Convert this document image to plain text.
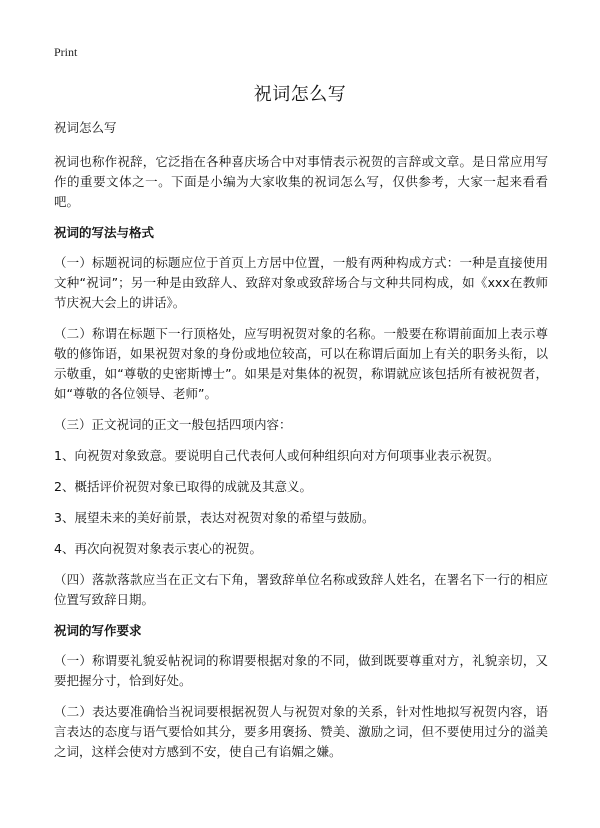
Print
祝词怎么写

祝词怎么写

祝词也称作祝辞，它泛指在各种喜庆场合中对事情表示祝贺的言辞或文章。是日常应用写作的重要文体之一。下面是小编为大家收集的祝词怎么写，仅供参考，大家一起来看看吧。

祝词的写法与格式

（一）标题祝词的标题应位于首页上方居中位置，一般有两种构成方式：一种是直接使用文种“祝词”；另一种是由致辞人、致辞对象或致辞场合与文种共同构成，如《xxx在教师节庆祝大会上的讲话》。

（二）称谓在标题下一行顶格处，应写明祝贺对象的名称。一般要在称谓前面加上表示尊敬的修饰语，如果祝贺对象的身份或地位较高，可以在称谓后面加上有关的职务头衔，以示敬重，如“尊敬的史密斯博士”。如果是对集体的祝贺，称谓就应该包括所有被祝贺者，如“尊敬的各位领导、老师”。

（三）正文祝词的正文一般包括四项内容：

1、向祝贺对象致意。要说明自己代表何人或何种组织向对方何项事业表示祝贺。

2、概括评价祝贺对象已取得的成就及其意义。

3、展望未来的美好前景，表达对祝贺对象的希望与鼓励。

4、再次向祝贺对象表示衷心的祝贺。

（四）落款落款应当在正文右下角，署致辞单位名称或致辞人姓名，在署名下一行的相应位置写致辞日期。

祝词的写作要求

（一）称谓要礼貌妥帖祝词的称谓要根据对象的不同，做到既要尊重对方，礼貌亲切，又要把握分寸，恰到好处。

（二）表达要准确恰当祝词要根据祝贺人与祝贺对象的关系，针对性地拟写祝贺内容，语言表达的态度与语气要恰如其分，要多用褒扬、赞美、激励之词，但不要使用过分的溢美之词，这样会使对方感到不安，使自己有谄媚之嫌。
